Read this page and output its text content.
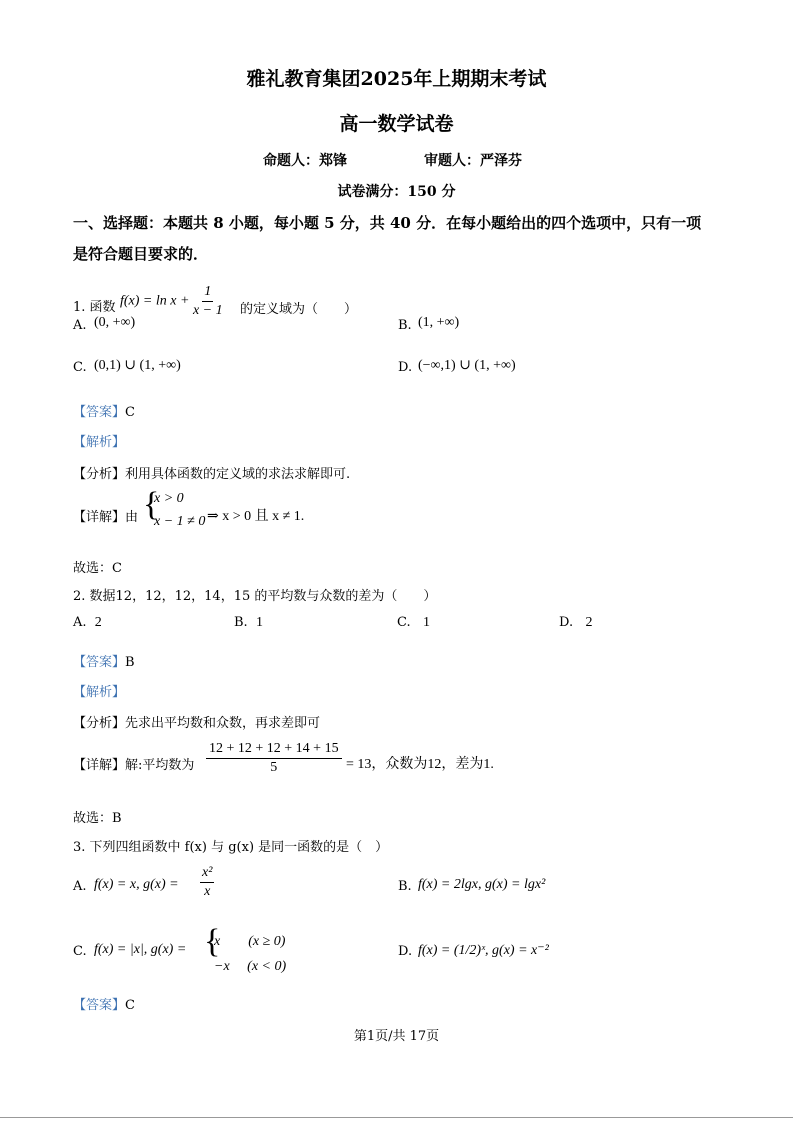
雅礼教育集团2025年上期期末考试
高一数学试卷
命题人：郑锋	审题人：严泽芬
试卷满分：150 分
一、选择题：本题共 8 小题，每小题 5 分，共 40 分．在每小题给出的四个选项中，只有一项
是符合题目要求的．
1. 函数 $f(x) = \ln x + \frac{1}{x - 1}$ 的定义域为（　　）
A. (0, +∞)	B. (1, +∞)
C. (0,1) ∪ (1, +∞)	D. (−∞,1) ∪ (1, +∞)
【答案】C
【解析】
【分析】利用具体函数的定义域的求法求解即可.
【详解】由 {
x > 0
x − 1 ≠ 0 ⇒ x > 0 且 x ≠ 1.
故选：C
2. 数据12，12，12，14，15 的平均数与众数的差为（　　）
A. 2	B. 1	C. 1	D. 2
【答案】B
【解析】
【分析】先求出平均数和众数，再求差即可
【详解】解:平均数为 $\frac{12 + 12 + 12 + 14 + 15}{5} = 13$，众数为12，差为1.
故选：B
3. 下列四组函数中 f(x) 与 g(x) 是同一函数的是（　）
A. f(x) = x, $g(x) = \frac{\text{x²}}{x}$	B. f(x) = 2lgx, g(x) = lgx²
C. f(x) = |x|, g(x) = {
x　　(x ≥ 0)
−x　 (x < 0)
D. f(x) = (1/2)ˣ, g(x) = x⁻²
【答案】C
第1页/共 17页
